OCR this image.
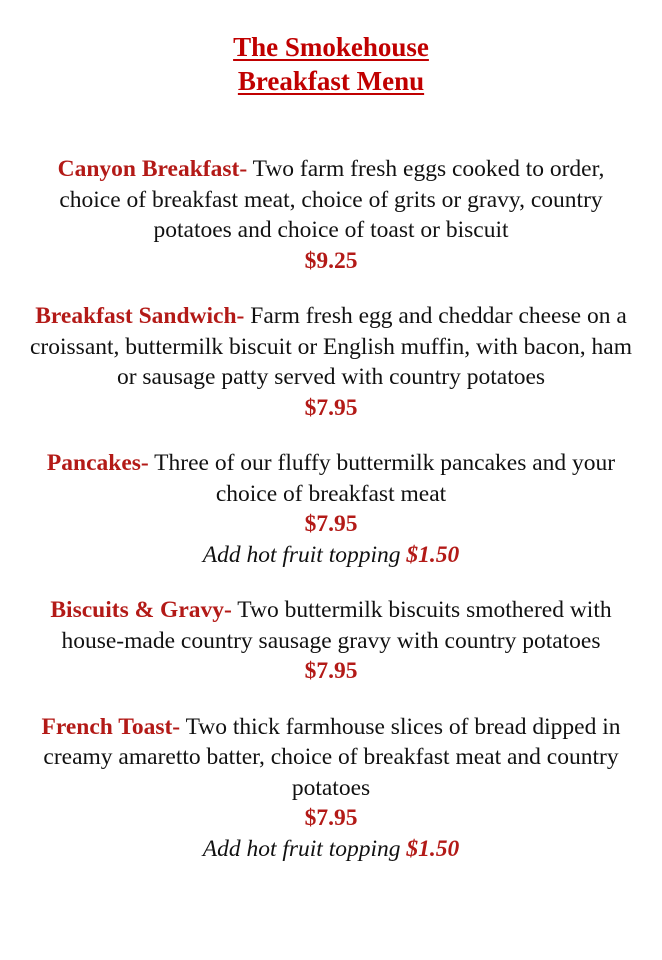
The Smokehouse
Breakfast Menu
Canyon Breakfast- Two farm fresh eggs cooked to order, choice of breakfast meat, choice of grits or gravy, country potatoes and choice of toast or biscuit
$9.25
Breakfast Sandwich- Farm fresh egg and cheddar cheese on a croissant, buttermilk biscuit or English muffin, with bacon, ham or sausage patty served with country potatoes
$7.95
Pancakes- Three of our fluffy buttermilk pancakes and your choice of breakfast meat
$7.95
Add hot fruit topping $1.50
Biscuits & Gravy- Two buttermilk biscuits smothered with house-made country sausage gravy with country potatoes
$7.95
French Toast- Two thick farmhouse slices of bread dipped in creamy amaretto batter, choice of breakfast meat and country potatoes
$7.95
Add hot fruit topping $1.50
